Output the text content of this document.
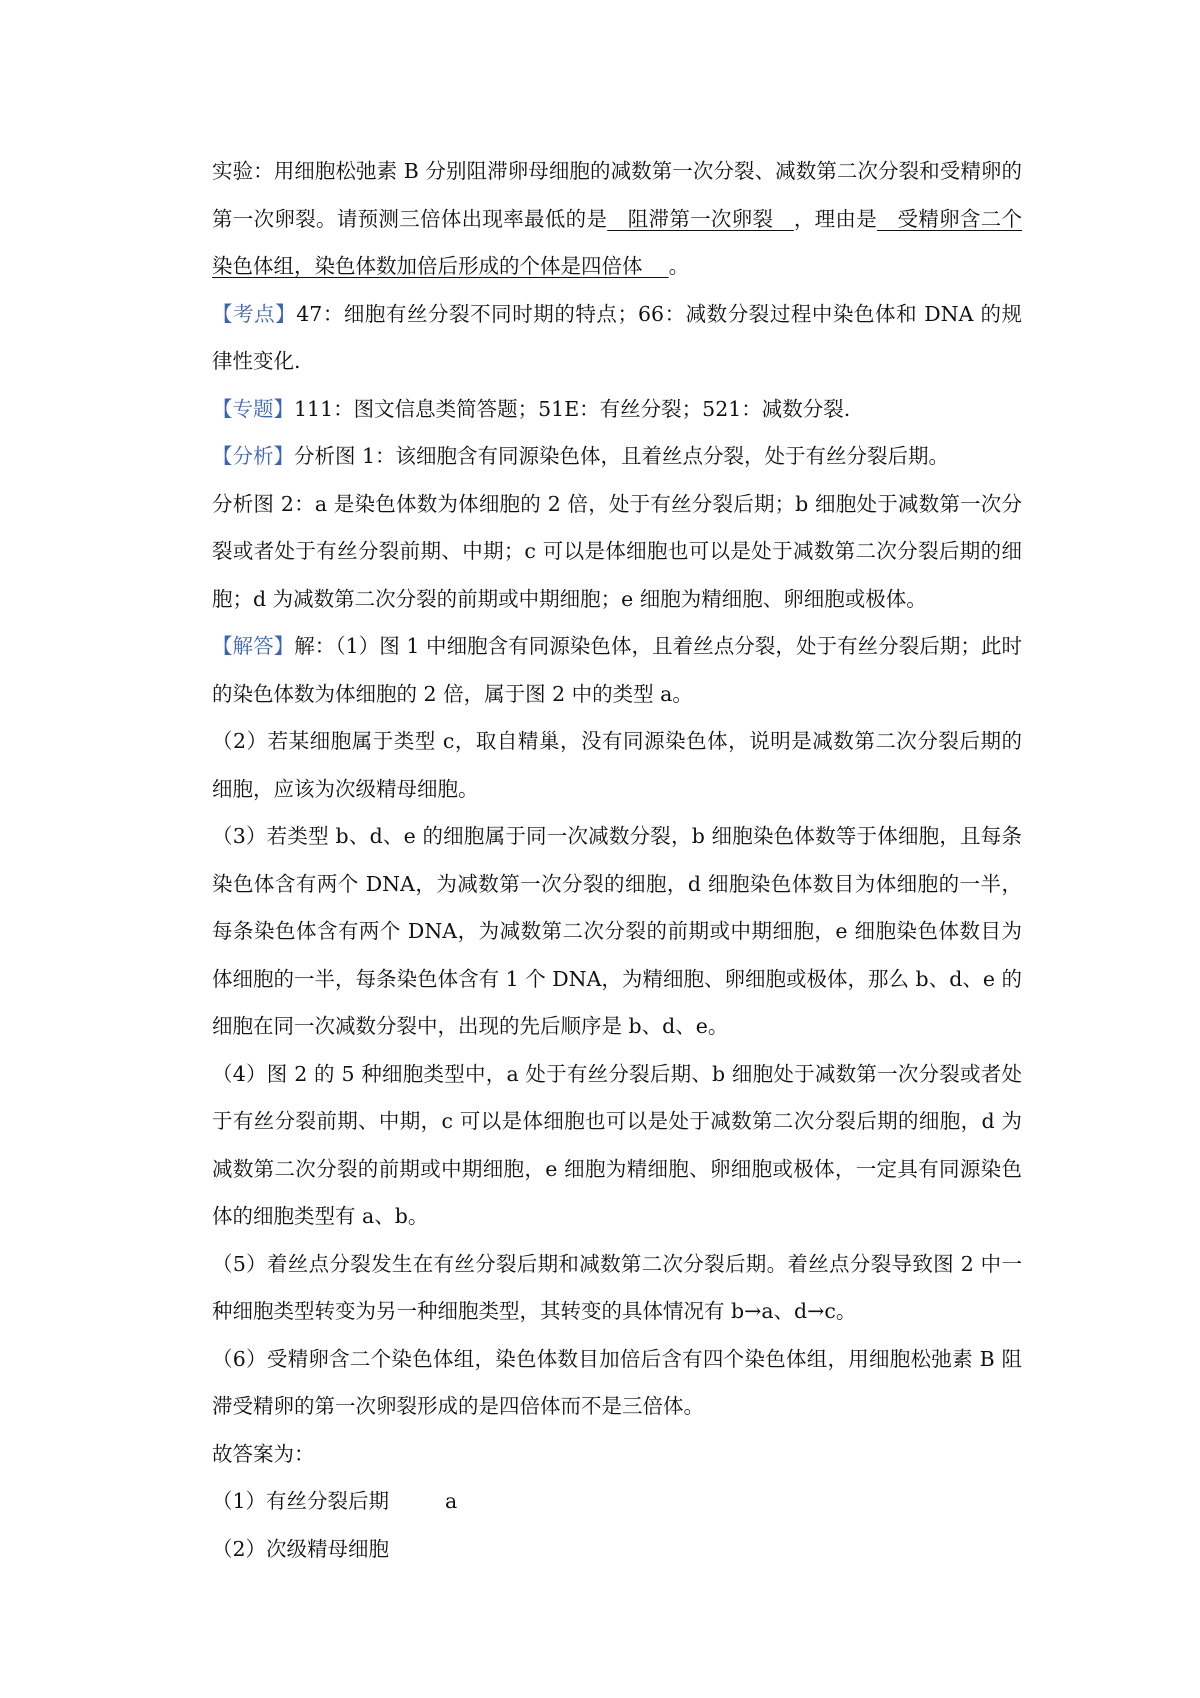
实验：用细胞松弛素 B 分别阻滞卵母细胞的减数第一次分裂、减数第二次分裂和受精卵的第一次卵裂。请预测三倍体出现率最低的是   阻滞第一次卵裂   ，理由是   受精卵含二个染色体组，染色体数加倍后形成的个体是四倍体    。

【考点】47：细胞有丝分裂不同时期的特点；66：减数分裂过程中染色体和 DNA 的规律性变化.

【专题】111：图文信息类简答题；51E：有丝分裂；521：减数分裂.

【分析】分析图 1：该细胞含有同源染色体，且着丝点分裂，处于有丝分裂后期。

分析图 2：a 是染色体数为体细胞的 2 倍，处于有丝分裂后期；b 细胞处于减数第一次分裂或者处于有丝分裂前期、中期；c 可以是体细胞也可以是处于减数第二次分裂后期的细胞；d 为减数第二次分裂的前期或中期细胞；e 细胞为精细胞、卵细胞或极体。

【解答】解：（1）图 1 中细胞含有同源染色体，且着丝点分裂，处于有丝分裂后期；此时的染色体数为体细胞的 2 倍，属于图 2 中的类型 a。

（2）若某细胞属于类型 c，取自精巢，没有同源染色体，说明是减数第二次分裂后期的细胞，应该为次级精母细胞。

（3）若类型 b、d、e 的细胞属于同一次减数分裂，b 细胞染色体数等于体细胞，且每条染色体含有两个 DNA，为减数第一次分裂的细胞，d 细胞染色体数目为体细胞的一半，每条染色体含有两个 DNA，为减数第二次分裂的前期或中期细胞，e 细胞染色体数目为体细胞的一半，每条染色体含有 1 个 DNA，为精细胞、卵细胞或极体，那么 b、d、e 的细胞在同一次减数分裂中，出现的先后顺序是 b、d、e。

（4）图 2 的 5 种细胞类型中，a 处于有丝分裂后期、b 细胞处于减数第一次分裂或者处于有丝分裂前期、中期，c 可以是体细胞也可以是处于减数第二次分裂后期的细胞，d 为减数第二次分裂的前期或中期细胞，e 细胞为精细胞、卵细胞或极体，一定具有同源染色体的细胞类型有 a、b。

（5）着丝点分裂发生在有丝分裂后期和减数第二次分裂后期。着丝点分裂导致图 2 中一种细胞类型转变为另一种细胞类型，其转变的具体情况有 b→a、d→c。

（6）受精卵含二个染色体组，染色体数目加倍后含有四个染色体组，用细胞松弛素 B 阻滞受精卵的第一次卵裂形成的是四倍体而不是三倍体。

故答案为：

（1）有丝分裂后期	a

（2）次级精母细胞
